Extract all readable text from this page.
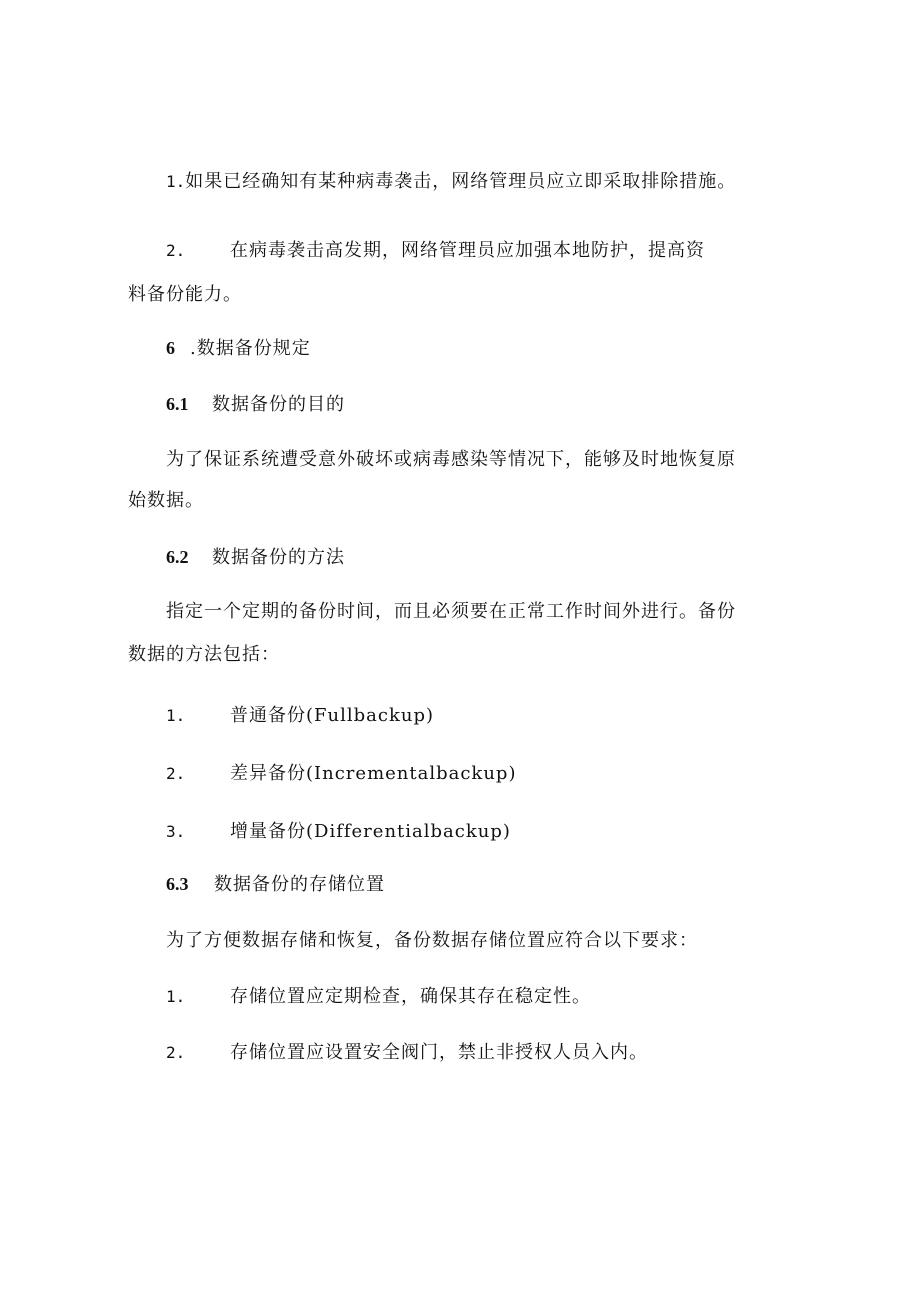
1.如果已经确知有某种病毒袭击，网络管理员应立即采取排除措施。
2. 在病毒袭击高发期，网络管理员应加强本地防护，提高资
料备份能力。
6 .数据备份规定
6.1 数据备份的目的
为了保证系统遭受意外破坏或病毒感染等情况下，能够及时地恢复原
始数据。
6.2 数据备份的方法
指定一个定期的备份时间，而且必须要在正常工作时间外进行。备份
数据的方法包括：
1. 普通备份(Fullbackup)
2. 差异备份(Incrementalbackup)
3. 增量备份(Differentialbackup)
6.3 数据备份的存储位置
为了方便数据存储和恢复，备份数据存储位置应符合以下要求：
1. 存储位置应定期检查，确保其存在稳定性。
2. 存储位置应设置安全阀门，禁止非授权人员入内。
